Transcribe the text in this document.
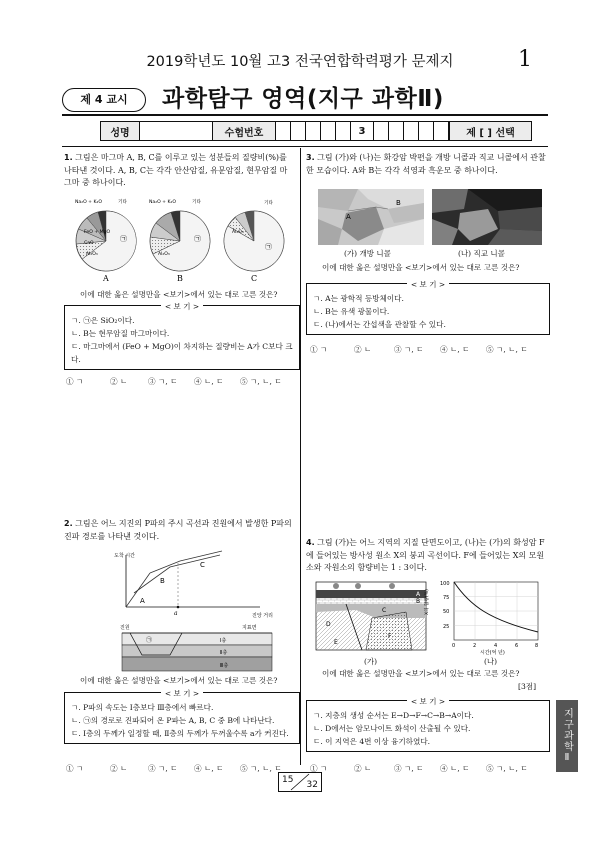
2019학년도 10월 고3 전국연합학력평가 문제지	1
제 4 교시	과학탐구 영역(지구 과학Ⅱ)
성명	수험번호	3	제 [ ] 선택
1. 그림은 마그마 A, B, C를 이루고 있는 성분들의 질량비(%)를 나타낸 것이다. A, B, C는 각각 안산암질, 유문암질, 현무암질 마그마 중 하나이다.
Na₂O + K₂O	기타
FeO + MgO
CaO
Al₂O₃
㉠
Na₂O + K₂O	기타
Al₂O₃
㉠
기타
Al₂O₃
㉠
A	B	C
이에 대한 옳은 설명만을 <보기>에서 있는 대로 고른 것은?
< 보 기 >
ㄱ. ㉠은 SiO₂이다.
ㄴ. B는 현무암질 마그마이다.
ㄷ. 마그마에서 (FeO + MgO)이 차지하는 질량비는 A가 C보다 크다.
① ㄱ	② ㄴ	③ ㄱ, ㄷ	④ ㄴ, ㄷ	⑤ ㄱ, ㄴ, ㄷ
3. 그림 (가)와 (나)는 화강암 박편을 개방 니콜과 직교 니콜에서 관찰한 모습이다. A와 B는 각각 석영과 흑운모 중 하나이다.
A
B
(가) 개방 니콜	(나) 직교 니콜
이에 대한 옳은 설명만을 <보기>에서 있는 대로 고른 것은?
< 보 기 >
ㄱ. A는 광학적 등방체이다.
ㄴ. B는 유색 광물이다.
ㄷ. (나)에서는 간섭색을 관찰할 수 있다.
① ㄱ	② ㄴ	③ ㄱ, ㄷ	④ ㄴ, ㄷ	⑤ ㄱ, ㄴ, ㄷ
2. 그림은 어느 지진의 P파의 주시 곡선과 진원에서 발생한 P파의 진파 경로를 나타낸 것이다.
a
도착 시간
진앙 거리
A
B
C
진원	지표면
Ⅰ층
Ⅱ층
Ⅲ층
㉠
이에 대한 옳은 설명만을 <보기>에서 있는 대로 고른 것은?
< 보 기 >
ㄱ. P파의 속도는 Ⅰ층보다 Ⅲ층에서 빠르다.
ㄴ. ㉠의 경로로 진파되어 온 P파는 A, B, C 중 B에 나타난다.
ㄷ. Ⅰ층의 두께가 일정할 때, Ⅱ층의 두께가 두꺼울수록 a가 커진다.
① ㄱ	② ㄴ	③ ㄱ, ㄷ	④ ㄴ, ㄷ	⑤ ㄱ, ㄴ, ㄷ
4. 그림 (가)는 어느 지역의 지질 단면도이고, (나)는 (가)의 화성암 F에 들어있는 방사성 원소 X의 붕괴 곡선이다. F에 들어있는 X의 모원소와 자원소의 함량비는 1 : 3이다.
A
B
C
D
E
F
100
75
50
25
0	2	4	6	8
시간(억 년)
X의 함량(%)
(가)	(나)
이에 대한 옳은 설명만을 <보기>에서 있는 대로 고른 것은?
[3점]
< 보 기 >
ㄱ. 지층의 생성 순서는 E→D→F→C→B→A이다.
ㄴ. D에서는 암모나이트 화석이 산출될 수 있다.
ㄷ. 이 지역은 4번 이상 융기하였다.
① ㄱ	② ㄴ	③ ㄱ, ㄷ	④ ㄴ, ㄷ	⑤ ㄱ, ㄴ, ㄷ
지구과학Ⅱ
15 32
